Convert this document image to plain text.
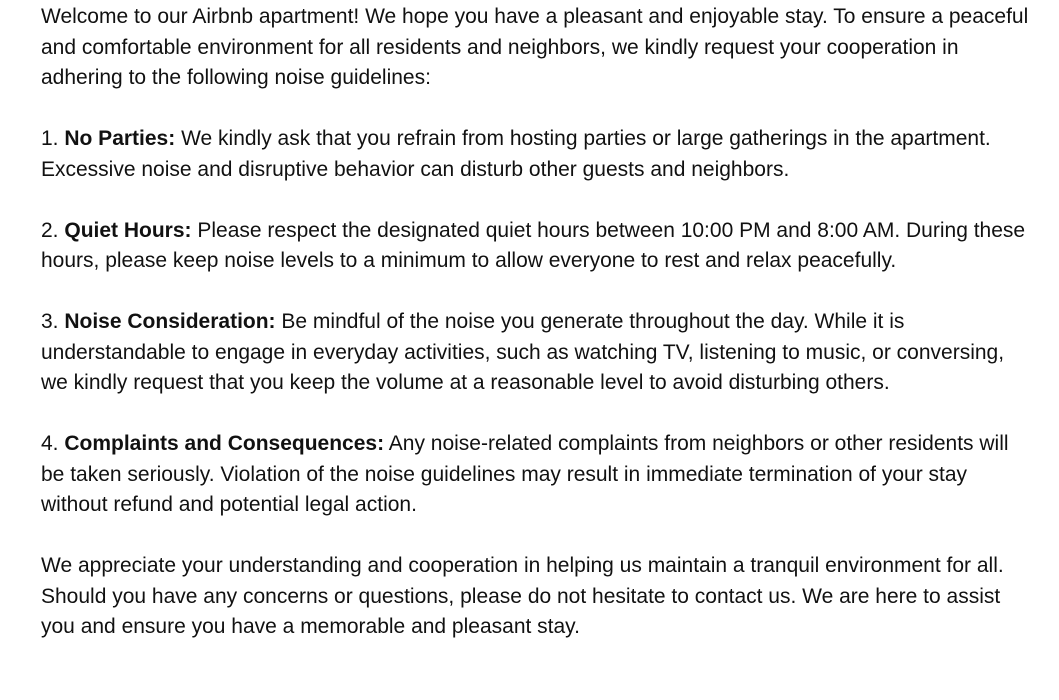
Welcome to our Airbnb apartment! We hope you have a pleasant and enjoyable stay. To ensure a peaceful and comfortable environment for all residents and neighbors, we kindly request your cooperation in adhering to the following noise guidelines:

1. No Parties: We kindly ask that you refrain from hosting parties or large gatherings in the apartment. Excessive noise and disruptive behavior can disturb other guests and neighbors.

2. Quiet Hours: Please respect the designated quiet hours between 10:00 PM and 8:00 AM. During these hours, please keep noise levels to a minimum to allow everyone to rest and relax peacefully.

3. Noise Consideration: Be mindful of the noise you generate throughout the day. While it is understandable to engage in everyday activities, such as watching TV, listening to music, or conversing, we kindly request that you keep the volume at a reasonable level to avoid disturbing others.

4. Complaints and Consequences: Any noise-related complaints from neighbors or other residents will be taken seriously. Violation of the noise guidelines may result in immediate termination of your stay without refund and potential legal action.

We appreciate your understanding and cooperation in helping us maintain a tranquil environment for all. Should you have any concerns or questions, please do not hesitate to contact us. We are here to assist you and ensure you have a memorable and pleasant stay.
